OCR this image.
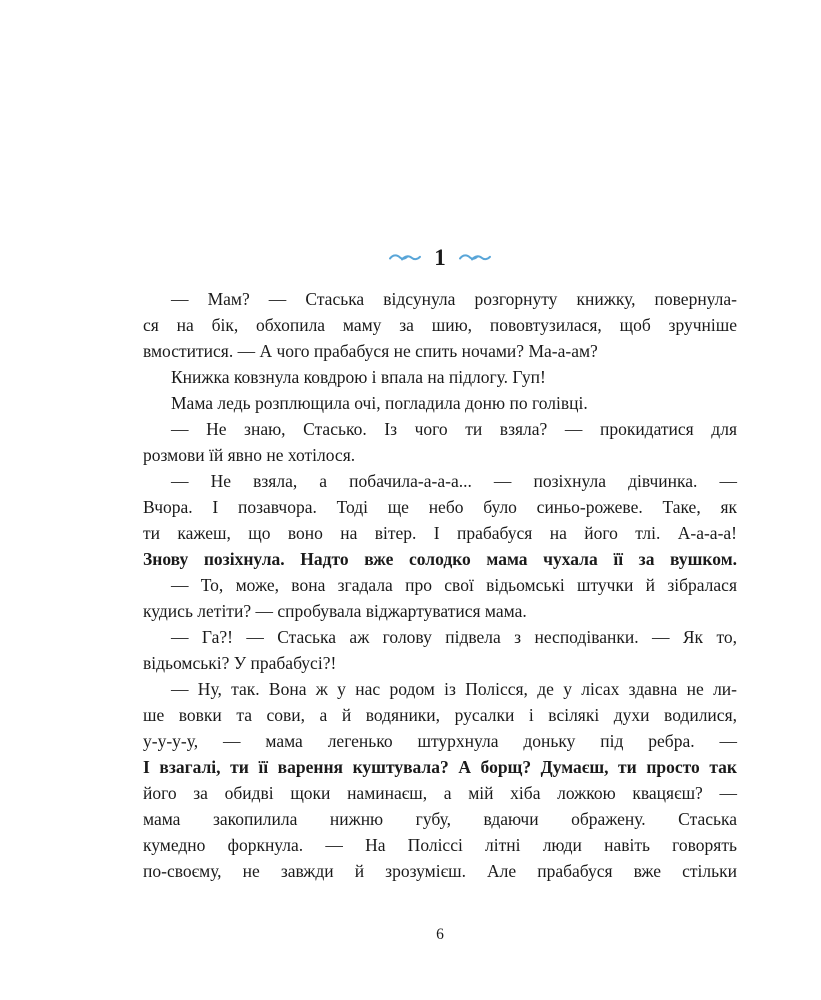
1
— Мам? — Стаська відсунула розгорнуту книжку, повернула-
ся на бік, обхопила маму за шию, пововтузилася, щоб зручніше
вмоститися. — А чого прабабуся не спить ночами? Ма-а-ам?
Книжка ковзнула ковдрою і впала на підлогу. Гуп!
Мама ледь розплющила очі, погладила доню по голівці.
— Не знаю, Стасько. Із чого ти взяла? — прокидатися для
розмови їй явно не хотілося.
— Не взяла, а побачила-а-а-а... — позіхнула дівчинка. —
Вчора. І позавчора. Тоді ще небо було синьо-рожеве. Таке, як
ти кажеш, що воно на вітер. І прабабуся на його тлі. А-а-а-а!
Знову позіхнула. Надто вже солодко мама чухала її за вушком.
— То, може, вона згадала про свої відьомські штучки й зібралася
кудись летіти? — спробувала віджартуватися мама.
— Га?! — Стаська аж голову підвела з несподіванки. — Як то,
відьомські? У прабабусі?!
— Ну, так. Вона ж у нас родом із Полісся, де у лісах здавна не ли-
ше вовки та сови, а й водяники, русалки і всілякі духи водилися,
у-у-у-у, — мама легенько штурхнула доньку під ребра. —
І взагалі, ти її варення куштувала? А борщ? Думаєш, ти просто так
його за обидві щоки наминаєш, а мій хіба ложкою квацяєш? —
мама закопилила нижню губу, вдаючи ображену. Стаська
кумедно форкнула. — На Поліссі літні люди навіть говорять
по-своєму, не завжди й зрозумієш. Але прабабуся вже стільки
6
